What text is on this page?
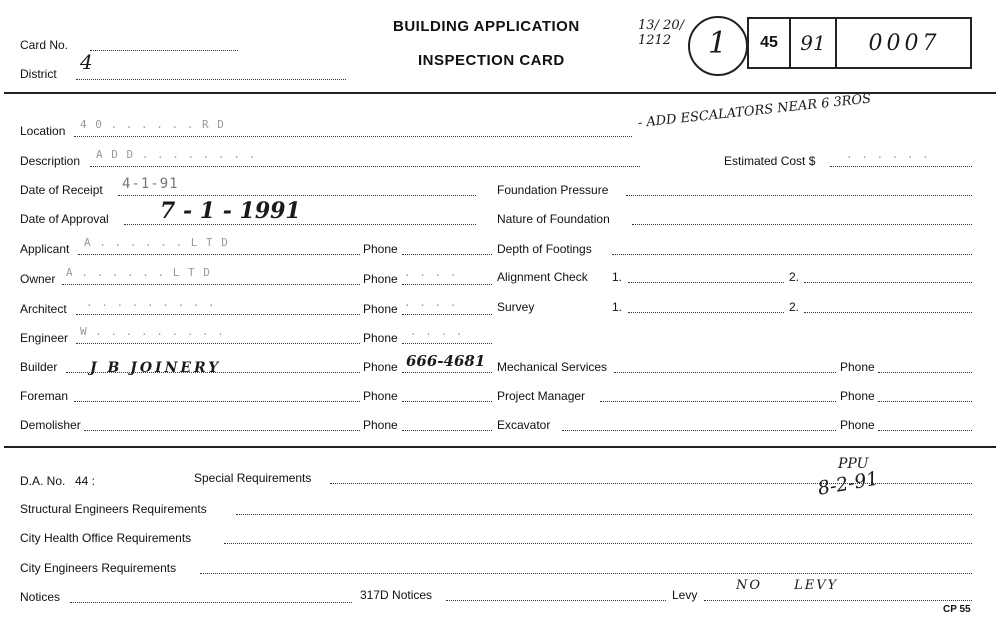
Card No.
District 4
BUILDING APPLICATION
INSPECTION CARD
13/ 20/ 1212	1	45	91	0007
Location 4 0 . . . . . . R D	- ADD ESCALATORS NEAR 6 3ROS
Description A D D . . . . . . . .	Estimated Cost $	. . . . . .
Date of Receipt 4-1-91
Date of Approval 7 - 1 - 1991
Applicant A . . . . . . L T D	Phone
Owner A . . . . . . L T D	Phone . . . .
Architect . . . . . . . . .	Phone . . . .
Engineer W . . . . . . . . .	Phone . . . .
Builder J B JOINERY	Phone 666-4681
Foreman	Phone
Demolisher	Phone
Foundation Pressure
Nature of Foundation
Depth of Footings
Alignment Check 1.	2.
Survey	1.	2.
Mechanical Services	Phone
Project Manager	Phone
Excavator	Phone
D.A. No. 44 :	Special Requirements
PPU
8-2-91
Structural Engineers Requirements
City Health Office Requirements
City Engineers Requirements
Notices	317D Notices	Levy
NO LEVY
CP 55
